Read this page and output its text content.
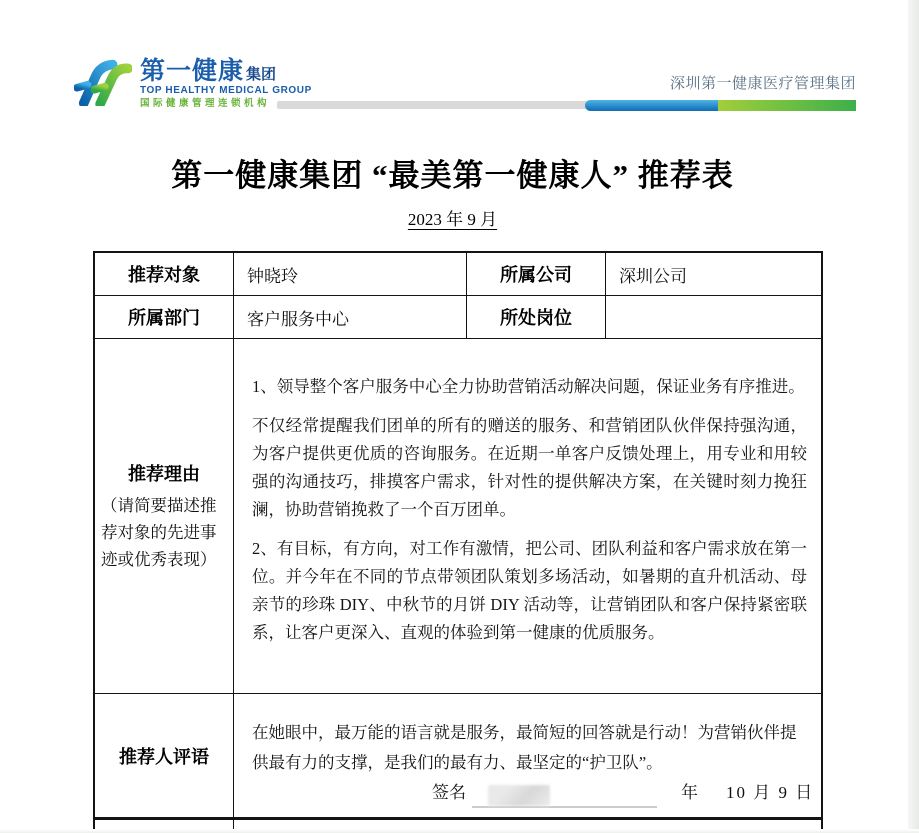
第一健康 集团
TOP HEALTHY MEDICAL GROUP
国际健康管理连锁机构
深圳第一健康医疗管理集团
第一健康集团 “最美第一健康人” 推荐表
2023 年 9 月
推荐对象	钟晓玲	所属公司	深圳公司
所属部门	客户服务中心	所处岗位
推荐理由
（请简要描述推荐对象的先进事迹或优秀表现）

1、领导整个客户服务中心全力协助营销活动解决问题，保证业务有序推进。

不仅经常提醒我们团单的所有的赠送的服务、和营销团队伙伴保持强沟通，为客户提供更优质的咨询服务。在近期一单客户反馈处理上，用专业和用较强的沟通技巧，排摸客户需求，针对性的提供解决方案，在关键时刻力挽狂澜，协助营销挽救了一个百万团单。

2、有目标，有方向，对工作有激情，把公司、团队利益和客户需求放在第一位。并今年在不同的节点带领团队策划多场活动，如暑期的直升机活动、母亲节的珍珠 DIY、中秋节的月饼 DIY 活动等，让营销团队和客户保持紧密联系，让客户更深入、直观的体验到第一健康的优质服务。

推荐人评语
在她眼中，最万能的语言就是服务，最简短的回答就是行动！为营销伙伴提供最有力的支撑，是我们的最有力、最坚定的“护卫队”。
签名	年 10 月 9 日
